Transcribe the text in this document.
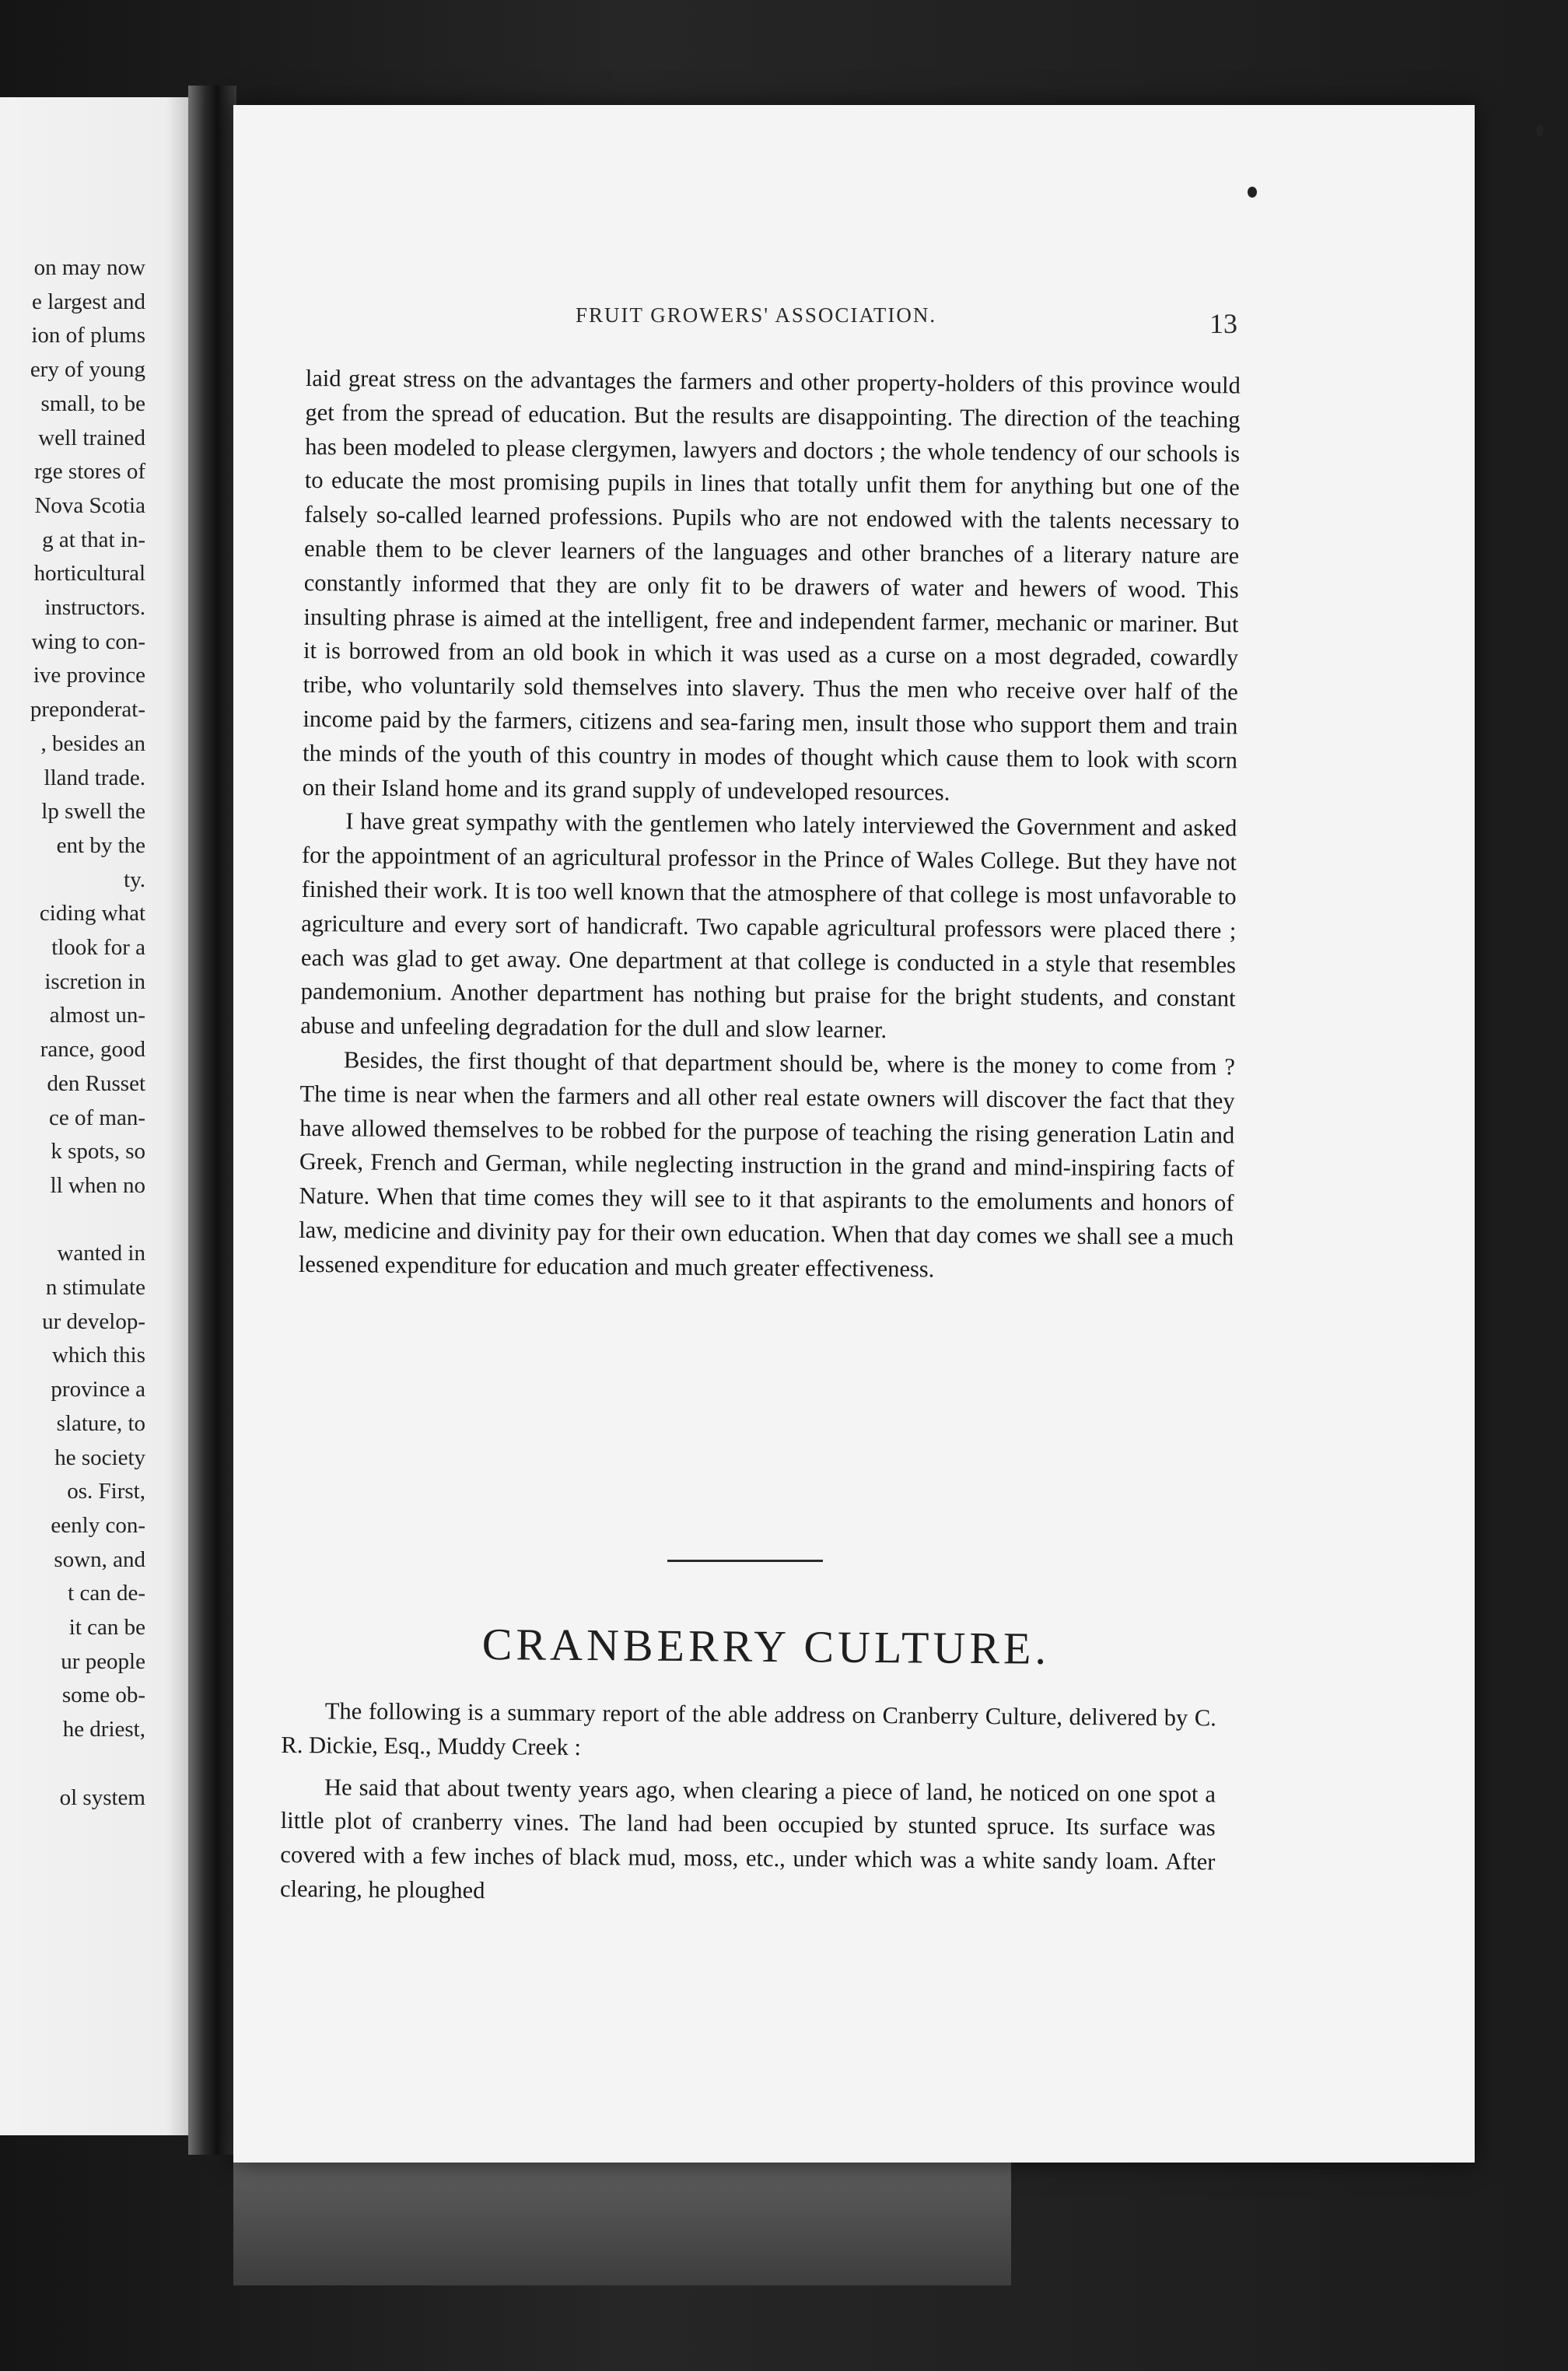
on may now
e largest and
ion of plums
ery of young
small, to be
well trained
rge stores of
Nova Scotia
g at that in-
horticultural
instructors.
wing to con-
ive province
preponderat-
, besides an
lland trade.
lp swell the
ent by the
ty.
ciding what
tlook for a
iscretion in
almost un-
rance, good
den Russet
ce of man-
k spots, so
ll when no
wanted in
n stimulate
ur develop-
which this
province a
slature, to
he society
os. First,
eenly con-
sown, and
t can de-
it can be
ur people
some ob-
he driest,
ol system
FRUIT GROWERS' ASSOCIATION.	13

laid great stress on the advantages the farmers and other property-holders of this province would get from the spread of education. But the results are disappointing. The direction of the teaching has been modeled to please clergymen, lawyers and doctors ; the whole tendency of our schools is to educate the most promising pupils in lines that totally unfit them for anything but one of the falsely so-called learned professions. Pupils who are not endowed with the talents necessary to enable them to be clever learners of the languages and other branches of a literary nature are constantly informed that they are only fit to be drawers of water and hewers of wood. This insulting phrase is aimed at the intelligent, free and independent farmer, mechanic or mariner. But it is borrowed from an old book in which it was used as a curse on a most degraded, cowardly tribe, who voluntarily sold themselves into slavery. Thus the men who receive over half of the income paid by the farmers, citizens and sea-faring men, insult those who support them and train the minds of the youth of this country in modes of thought which cause them to look with scorn on their Island home and its grand supply of undeveloped resources.

I have great sympathy with the gentlemen who lately interviewed the Government and asked for the appointment of an agricultural professor in the Prince of Wales College. But they have not finished their work. It is too well known that the atmosphere of that college is most unfavorable to agriculture and every sort of handicraft. Two capable agricultural professors were placed there ; each was glad to get away. One department at that college is conducted in a style that resembles pandemonium. Another department has nothing but praise for the bright students, and constant abuse and unfeeling degradation for the dull and slow learner.

Besides, the first thought of that department should be, where is the money to come from ? The time is near when the farmers and all other real estate owners will discover the fact that they have allowed themselves to be robbed for the purpose of teaching the rising generation Latin and Greek, French and German, while neglecting instruction in the grand and mind-inspiring facts of Nature. When that time comes they will see to it that aspirants to the emoluments and honors of law, medicine and divinity pay for their own education. When that day comes we shall see a much lessened expenditure for education and much greater effectiveness.

CRANBERRY CULTURE.

The following is a summary report of the able address on Cranberry Culture, delivered by C. R. Dickie, Esq., Muddy Creek :

He said that about twenty years ago, when clearing a piece of land, he noticed on one spot a little plot of cranberry vines. The land had been occupied by stunted spruce. Its surface was covered with a few inches of black mud, moss, etc., under which was a white sandy loam. After clearing, he ploughed
